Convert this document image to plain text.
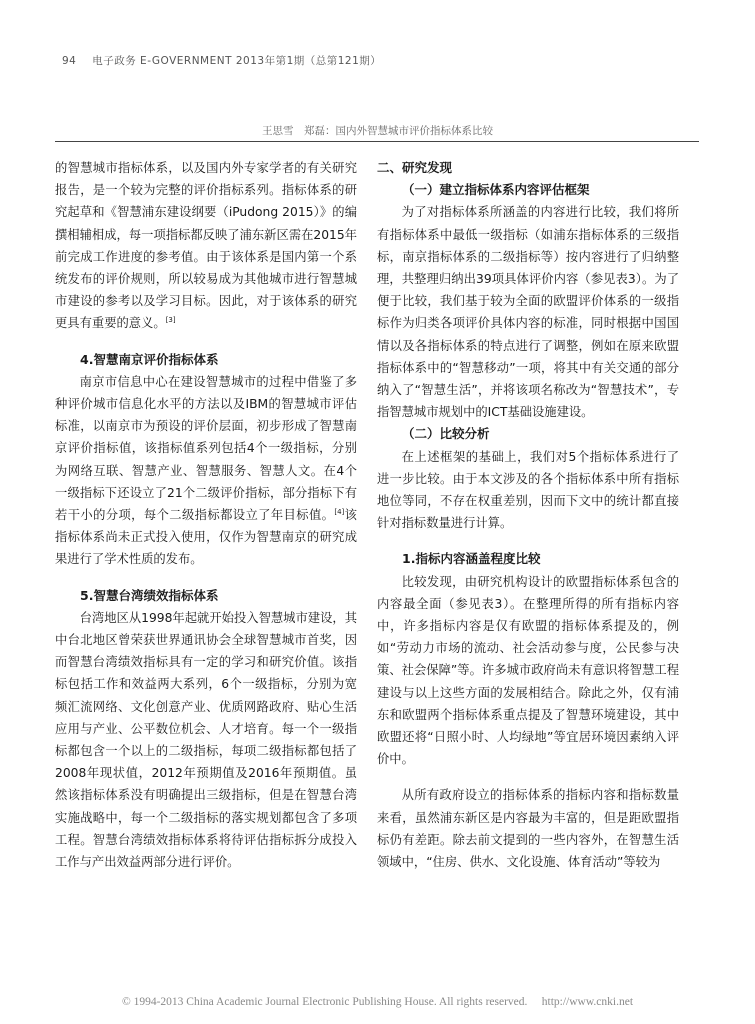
94 电子政务 E-GOVERNMENT 2013年第1期（总第121期）
王思雪　郑磊：国内外智慧城市评价指标体系比较

的智慧城市指标体系，以及国内外专家学者的有关研究报告，是一个较为完整的评价指标系列。指标体系的研究起草和《智慧浦东建设纲要（iPudong 2015）》的编撰相辅相成，每一项指标都反映了浦东新区需在2015年前完成工作进度的参考值。由于该体系是国内第一个系统发布的评价规则，所以较易成为其他城市进行智慧城市建设的参考以及学习目标。因此，对于该体系的研究更具有重要的意义。[3]

4.智慧南京评价指标体系

南京市信息中心在建设智慧城市的过程中借鉴了多种评价城市信息化水平的方法以及IBM的智慧城市评估标准，以南京市为预设的评价层面，初步形成了智慧南京评价指标值，该指标值系列包括4个一级指标，分别为网络互联、智慧产业、智慧服务、智慧人文。在4个一级指标下还设立了21个二级评价指标，部分指标下有若干小的分项，每个二级指标都设立了年目标值。[4]该指标体系尚未正式投入使用，仅作为智慧南京的研究成果进行了学术性质的发布。

5.智慧台湾绩效指标体系

台湾地区从1998年起就开始投入智慧城市建设，其中台北地区曾荣获世界通讯协会全球智慧城市首奖，因而智慧台湾绩效指标具有一定的学习和研究价值。该指标包括工作和效益两大系列，6个一级指标，分别为宽频汇流网络、文化创意产业、优质网路政府、贴心生活应用与产业、公平数位机会、人才培育。每一个一级指标都包含一个以上的二级指标，每项二级指标都包括了2008年现状值，2012年预期值及2016年预期值。虽然该指标体系没有明确提出三级指标，但是在智慧台湾实施战略中，每一个二级指标的落实规划都包含了多项工程。智慧台湾绩效指标体系将待评估指标拆分成投入工作与产出效益两部分进行评价。

二、研究发现
（一）建立指标体系内容评估框架

为了对指标体系所涵盖的内容进行比较，我们将所有指标体系中最低一级指标（如浦东指标体系的三级指标，南京指标体系的二级指标等）按内容进行了归纳整理，共整理归纳出39项具体评价内容（参见表3）。为了便于比较，我们基于较为全面的欧盟评价体系的一级指标作为归类各项评价具体内容的标准，同时根据中国国情以及各指标体系的特点进行了调整，例如在原来欧盟指标体系中的“智慧移动”一项，将其中有关交通的部分纳入了“智慧生活”，并将该项名称改为“智慧技术”，专指智慧城市规划中的ICT基础设施建设。

（二）比较分析

在上述框架的基础上，我们对5个指标体系进行了进一步比较。由于本文涉及的各个指标体系中所有指标地位等同，不存在权重差别，因而下文中的统计都直接针对指标数量进行计算。

1.指标内容涵盖程度比较

比较发现，由研究机构设计的欧盟指标体系包含的内容最全面（参见表3）。在整理所得的所有指标内容中，许多指标内容是仅有欧盟的指标体系提及的，例如“劳动力市场的流动、社会活动参与度，公民参与决策、社会保障”等。许多城市政府尚未有意识将智慧工程建设与以上这些方面的发展相结合。除此之外，仅有浦东和欧盟两个指标体系重点提及了智慧环境建设，其中欧盟还将“日照小时、人均绿地”等宜居环境因素纳入评价中。

从所有政府设立的指标体系的指标内容和指标数量来看，虽然浦东新区是内容最为丰富的，但是距欧盟指标仍有差距。除去前文提到的一些内容外，在智慧生活领域中，“住房、供水、文化设施、体育活动”等较为

© 1994-2013 China Academic Journal Electronic Publishing House. All rights reserved.　 http://www.cnki.net
